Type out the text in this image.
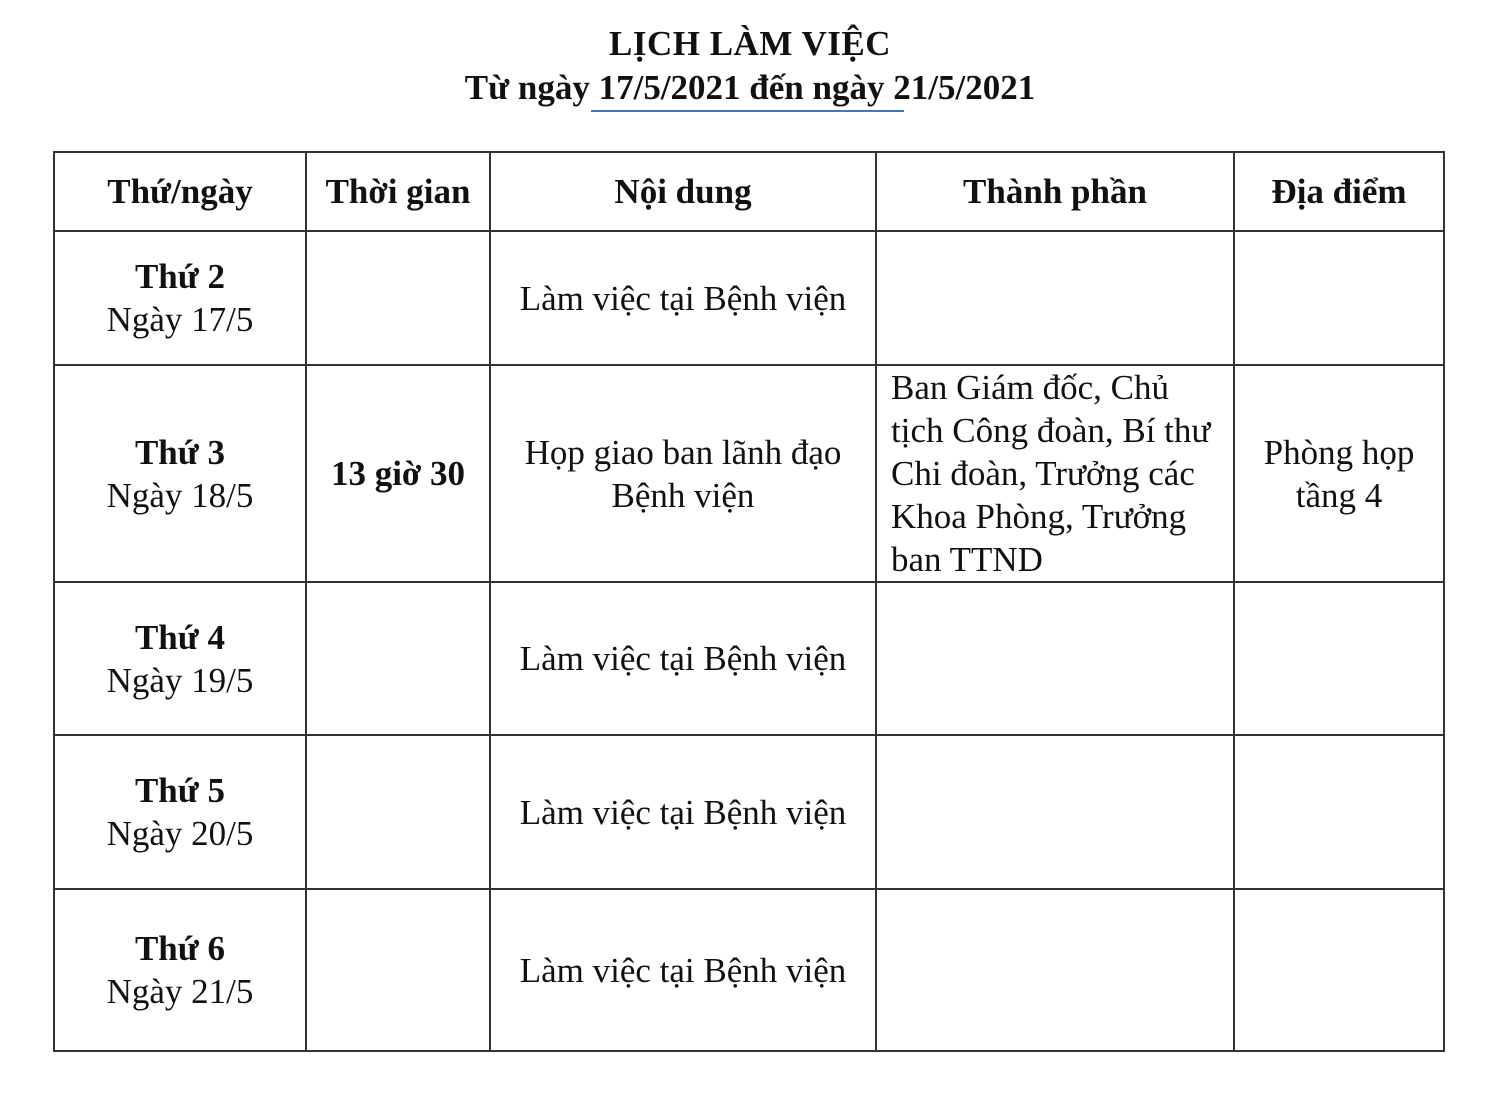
LỊCH LÀM VIỆC
Từ ngày 17/5/2021 đến ngày 21/5/2021
Thứ/ngày	Thời gian	Nội dung	Thành phần	Địa điểm

Thứ 2
Ngày 17/5		Làm việc tại Bệnh viện		

Thứ 3
Ngày 18/5	13 giờ 30	Họp giao ban lãnh đạo Bệnh viện	Ban Giám đốc, Chủ tịch Công đoàn, Bí thư Chi đoàn, Trưởng các Khoa Phòng, Trưởng ban TTND	Phòng họp tầng 4

Thứ 4
Ngày 19/5		Làm việc tại Bệnh viện		

Thứ 5
Ngày 20/5		Làm việc tại Bệnh viện		

Thứ 6
Ngày 21/5		Làm việc tại Bệnh viện		
